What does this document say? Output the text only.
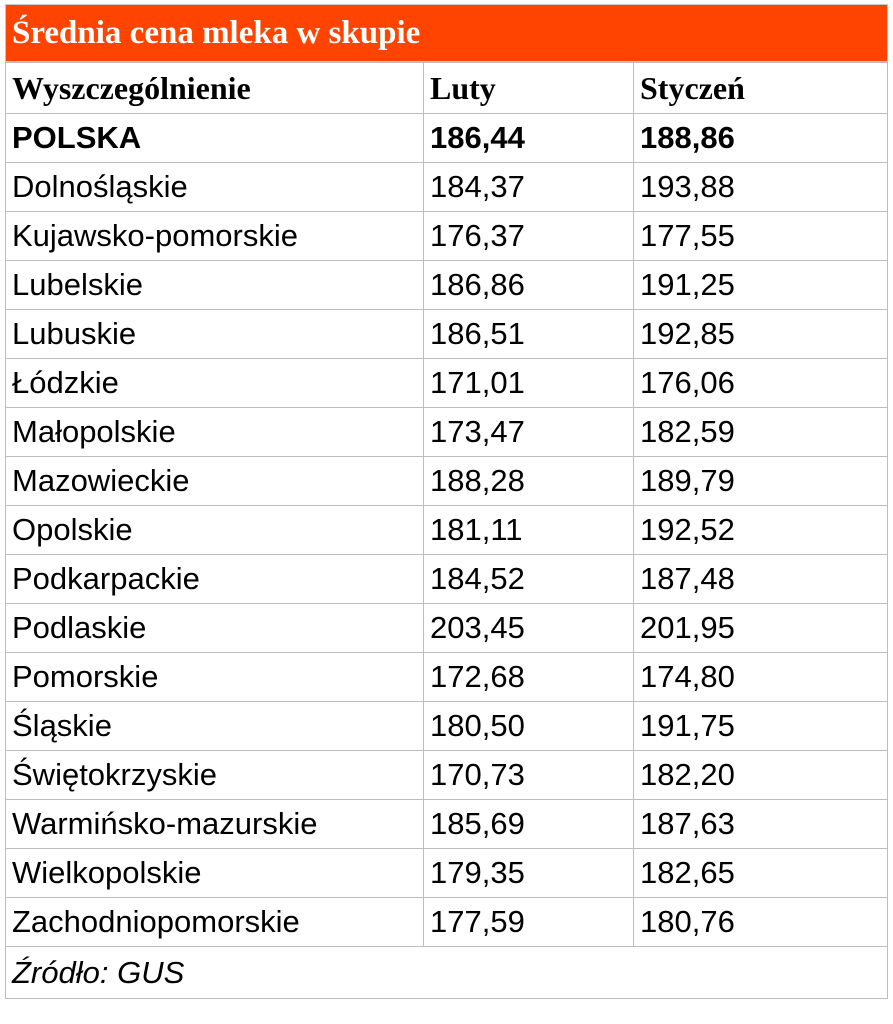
Średnia cena mleka w skupie
Wyszczególnienie	Luty	Styczeń
POLSKA	186,44	188,86
Dolnośląskie	184,37	193,88
Kujawsko-pomorskie	176,37	177,55
Lubelskie	186,86	191,25
Lubuskie	186,51	192,85
Łódzkie	171,01	176,06
Małopolskie	173,47	182,59
Mazowieckie	188,28	189,79
Opolskie	181,11	192,52
Podkarpackie	184,52	187,48
Podlaskie	203,45	201,95
Pomorskie	172,68	174,80
Śląskie	180,50	191,75
Świętokrzyskie	170,73	182,20
Warmińsko-mazurskie	185,69	187,63
Wielkopolskie	179,35	182,65
Zachodniopomorskie	177,59	180,76
Źródło: GUS		
